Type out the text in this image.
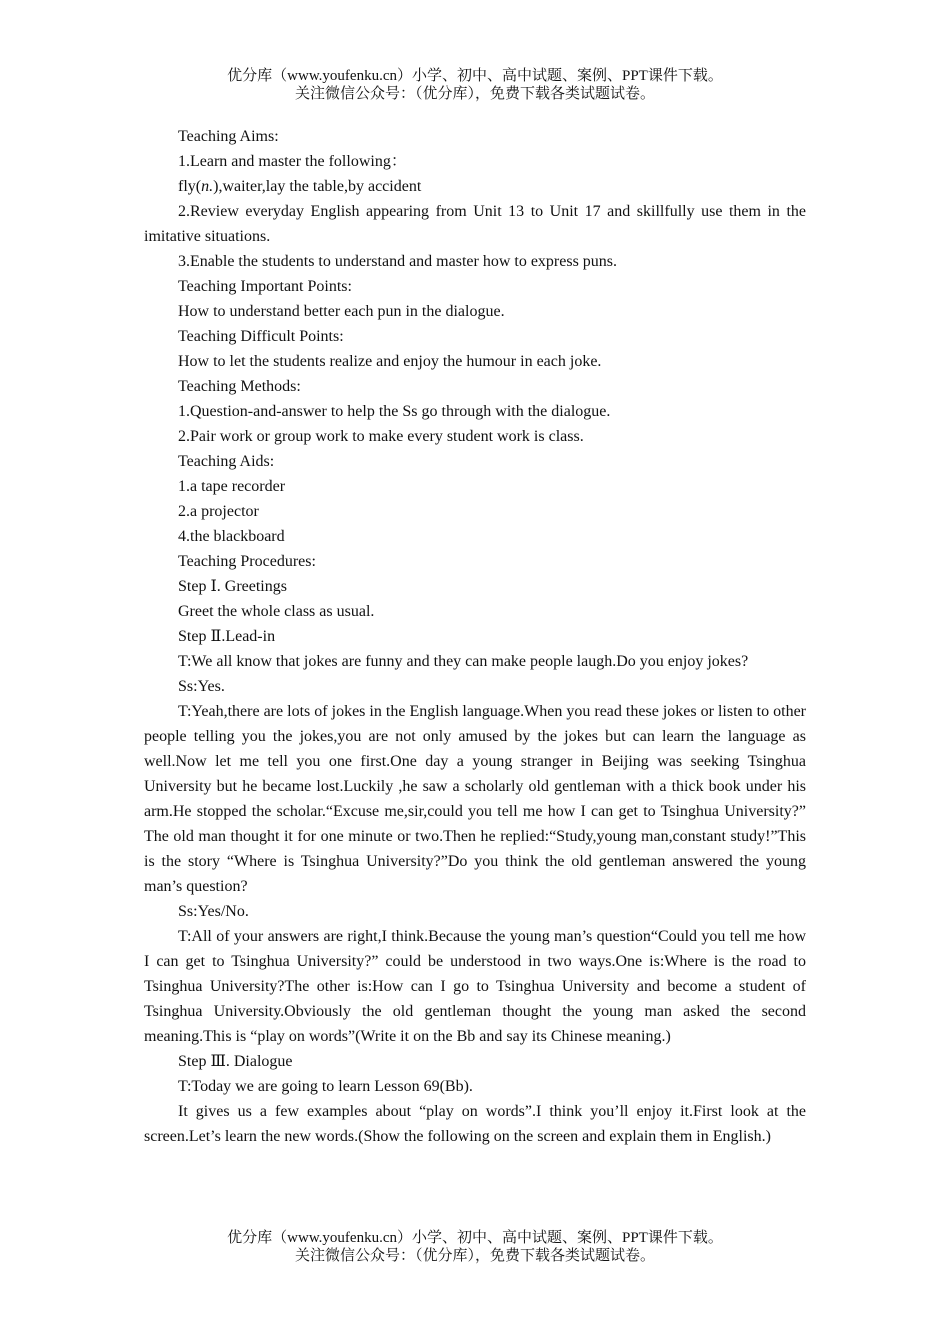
优分库（www.youfenku.cn）小学、初中、高中试题、案例、PPT课件下载。
关注微信公众号：（优分库），免费下载各类试题试卷。
Teaching Aims:
1.Learn and master the following：
fly(n.),waiter,lay the table,by accident

2.Review everyday English appearing from Unit 13 to Unit 17 and skillfully use them in the imitative situations.

3.Enable the students to understand and master how to express puns.
Teaching Important Points:
How to understand better each pun in the dialogue.
Teaching Difficult Points:
How to let the students realize and enjoy the humour in each joke.
Teaching Methods:
1.Question-and-answer to help the Ss go through with the dialogue.
2.Pair work or group work to make every student work is class.
Teaching Aids:
1.a tape recorder
2.a projector
4.the blackboard
Teaching Procedures:
Step Ⅰ. Greetings
Greet the whole class as usual.
Step Ⅱ.Lead-in
T:We all know that jokes are funny and they can make people laugh.Do you enjoy jokes?
Ss:Yes.

T:Yeah,there are lots of jokes in the English language.When you read these jokes or listen to other people telling you the jokes,you are not only amused by the jokes but can learn the language as well.Now let me tell you one first.One day a young stranger in Beijing was seeking Tsinghua University but he became lost.Luckily ,he saw a scholarly old gentleman with a thick book under his arm.He stopped the scholar.“Excuse me,sir,could you tell me how I can get to Tsinghua University?” The old man thought it for one minute or two.Then he replied:“Study,young man,constant study!”This is the story “Where is Tsinghua University?”Do you think the old gentleman answered the young man’s question?

Ss:Yes/No.

T:All of your answers are right,I think.Because the young man’s question“Could you tell me how I can get to Tsinghua University?” could be understood in two ways.One is:Where is the road to Tsinghua University?The other is:How can I go to Tsinghua University and become a student of Tsinghua University.Obviously the old gentleman thought the young man asked the second meaning.This is “play on words”(Write it on the Bb and say its Chinese meaning.)

Step Ⅲ. Dialogue
T:Today we are going to learn Lesson 69(Bb).

It gives us a few examples about “play on words”.I think you’ll enjoy it.First look at the screen.Let’s learn the new words.(Show the following on the screen and explain them in English.)

优分库（www.youfenku.cn）小学、初中、高中试题、案例、PPT课件下载。
关注微信公众号：（优分库），免费下载各类试题试卷。
